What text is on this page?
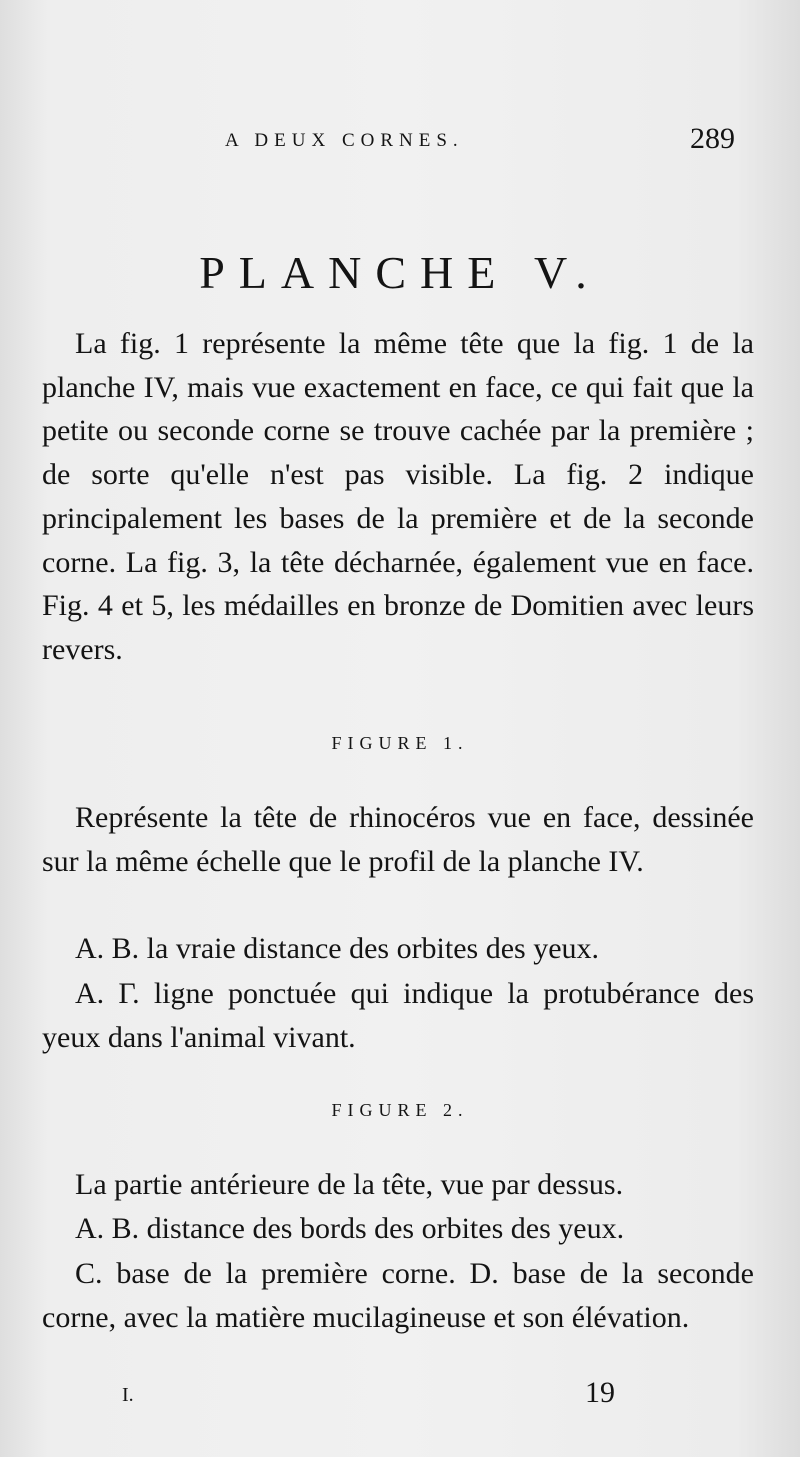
A DEUX CORNES.	289
PLANCHE V.

La fig. 1 représente la même tête que la fig. 1 de la planche IV, mais vue exactement en face, ce qui fait que la petite ou seconde corne se trouve cachée par la première ; de sorte qu'elle n'est pas visible. La fig. 2 indique principalement les bases de la première et de la seconde corne. La fig. 3, la tête décharnée, également vue en face. Fig. 4 et 5, les médailles en bronze de Domitien avec leurs revers.

FIGURE 1.

Représente la tête de rhinocéros vue en face, dessinée sur la même échelle que le profil de la planche IV.

A. B. la vraie distance des orbites des yeux.

A. Γ. ligne ponctuée qui indique la protubérance des yeux dans l'animal vivant.

FIGURE 2.

La partie antérieure de la tête, vue par dessus.

A. B. distance des bords des orbites des yeux.

C. base de la première corne. D. base de la seconde corne, avec la matière mucilagineuse et son élévation.

I.	19
